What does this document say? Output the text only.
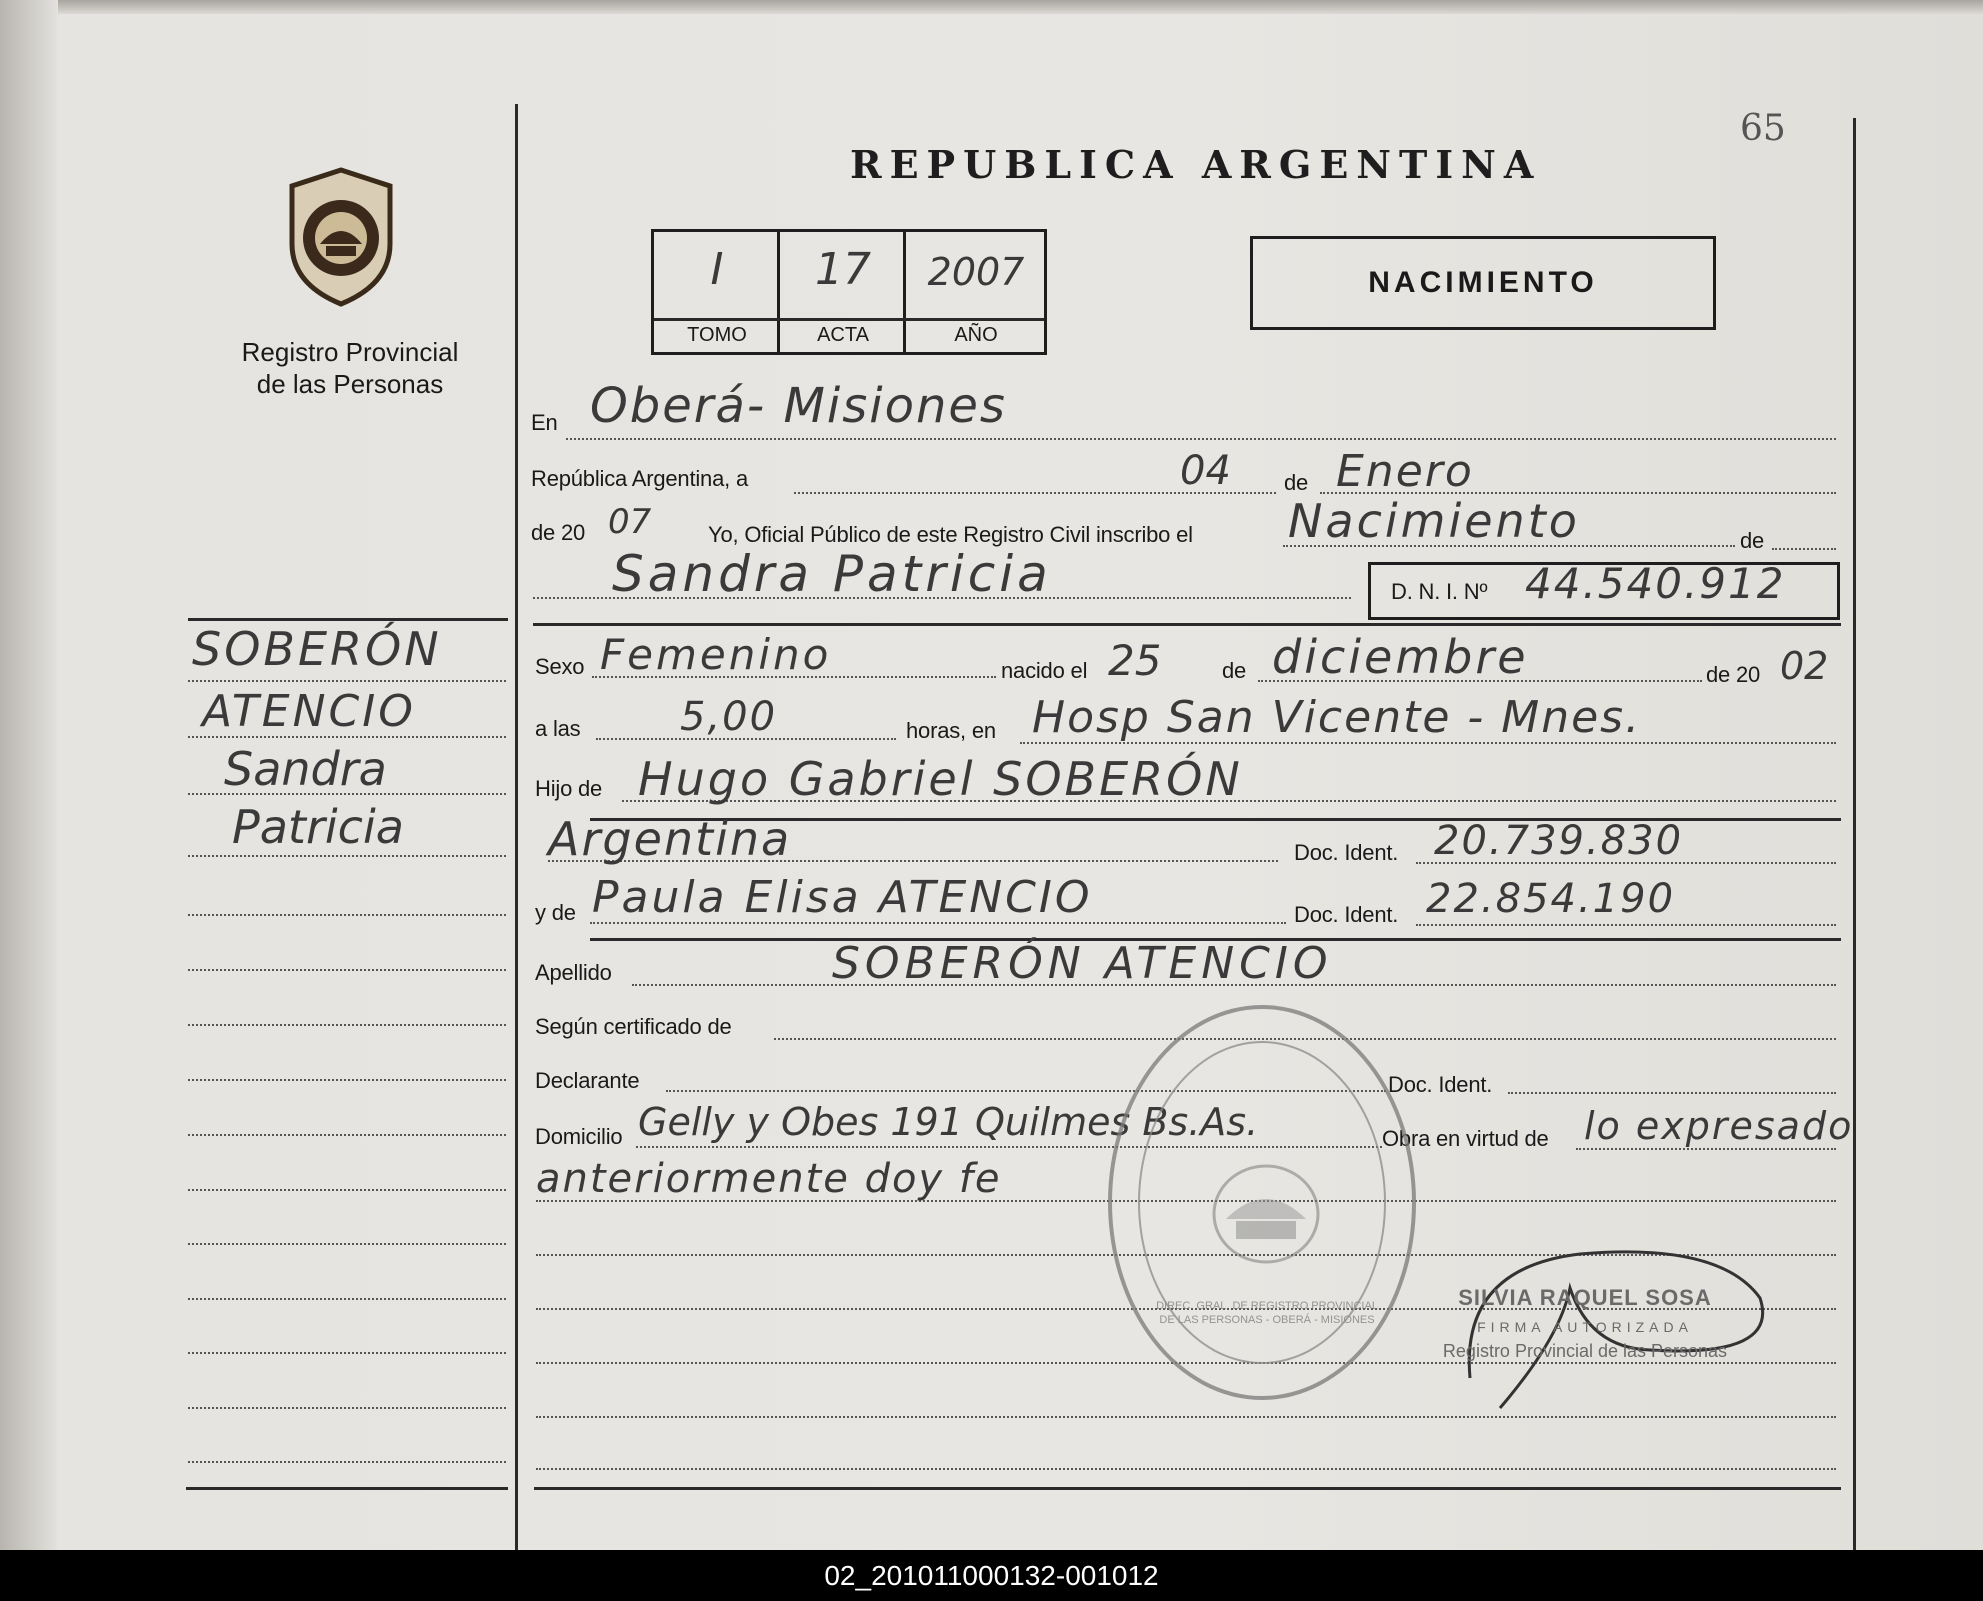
65
REPUBLICA ARGENTINA
Registro Provincial
de las Personas
SOBERÓN
ATENCIO
Sandra
Patricia
I	17	2007
TOMO	ACTA	AÑO
NACIMIENTO
En Oberá- Misiones
República Argentina, a	04 de Enero
de 20 07	Yo, Oficial Público de este Registro Civil inscribo el Nacimiento	de
Sandra Patricia	D. N. I. Nº 44.540.912
Sexo Femenino	nacido el 25	de diciembre	de 20 02
a las 5,00	horas, en Hosp San Vicente - Mnes.
Hijo de Hugo Gabriel SOBERÓN
Argentina	Doc. Ident. 20.739.830
y de Paula Elisa ATENCIO	Doc. Ident. 22.854.190
Apellido	SOBERÓN ATENCIO
Según certificado de
Declarante	Doc. Ident.
Domicilio Gelly y Obes 191 Quilmes Bs.As.	Obra en virtud de lo expresado
anteriormente doy fe
DIREC. GRAL. DE REGISTRO PROVINCIAL DE LAS PERSONAS - OBERÁ - MISIONES
SILVIA RAQUEL SOSA
FIRMA AUTORIZADA
Registro Provincial de las Personas
02_201011000132-001012
